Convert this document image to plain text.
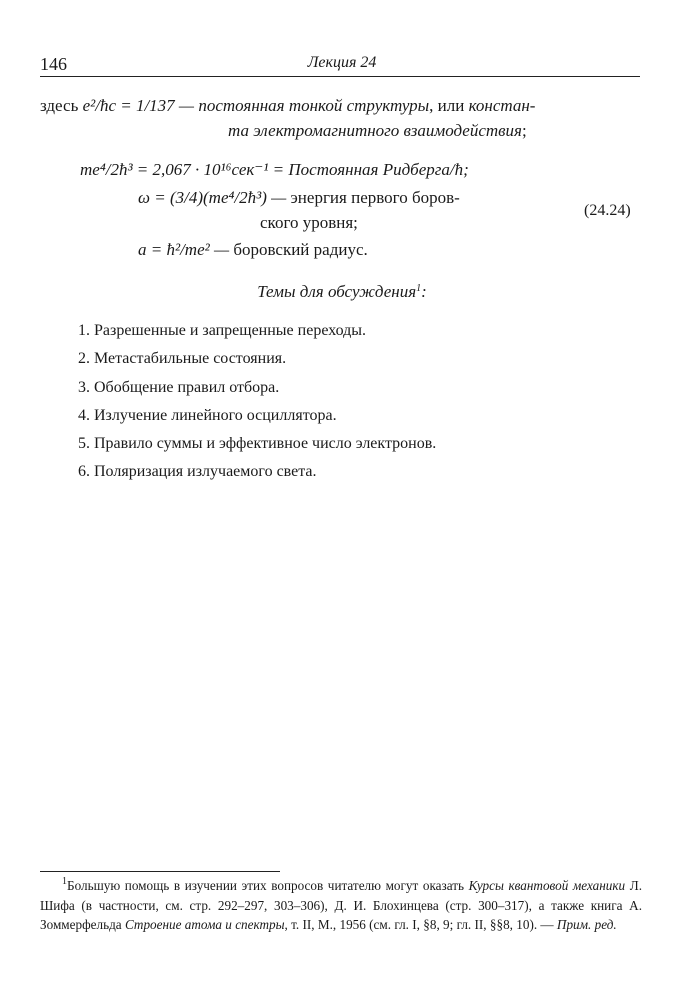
146	Лекция 24
здесь e²/ħc = 1/137 — постоянная тонкой структуры, или констан-
та электромагнитного взаимодействия;
me⁴/2ħ³ = 2,067 · 10¹⁶сек⁻¹ = Постоянная Ридберга/ħ;
ω = (3/4)(me⁴/2ħ³) — энергия первого боров-
ского уровня;
a = ħ²/me² — боровский радиус.
(24.24)
Темы для обсуждения$^1$:
1. Разрешенные и запрещенные переходы.
2. Метастабильные состояния.
3. Обобщение правил отбора.
4. Излучение линейного осциллятора.
5. Правило суммы и эффективное число электронов.
6. Поляризация излучаемого света.
$^1$Большую помощь в изучении этих вопросов читателю могут оказать Курсы квантовой механики Л. Шифа (в частности, см. стр. 292–297, 303–306), Д. И. Блохинцева (стр. 300–317), а также книга А. Зоммерфельда Строение атома и спектры, т. II, М., 1956 (см. гл. I, §8, 9; гл. II, §§8, 10). — Прим. ред.
